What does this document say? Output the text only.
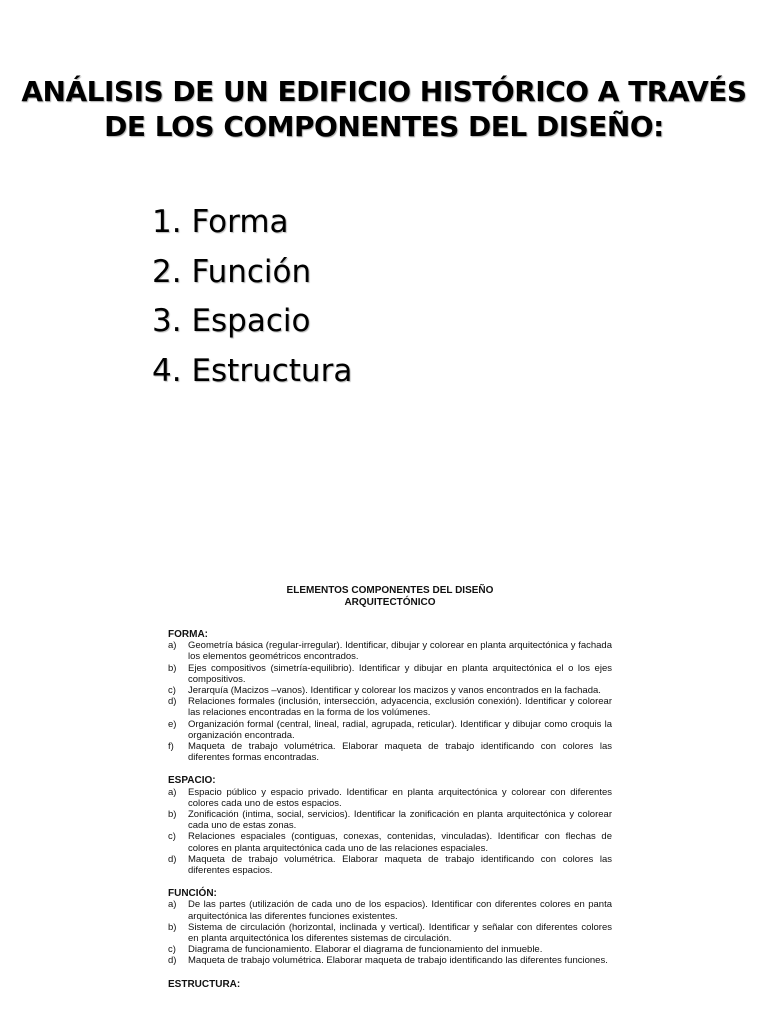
ANÁLISIS DE UN EDIFICIO HISTÓRICO A TRAVÉS
DE LOS COMPONENTES DEL DISEÑO:
1. Forma
2. Función
3. Espacio
4. Estructura
ELEMENTOS COMPONENTES DEL DISEÑO
ARQUITECTÓNICO
FORMA:
a)	Geometría básica (regular-irregular). Identificar, dibujar y colorear en planta arquitectónica y fachada los elementos geométricos encontrados.
b)	Ejes compositivos (simetría-equilibrio). Identificar y dibujar en planta arquitectónica el o los ejes compositivos.
c)	Jerarquía (Macizos –vanos). Identificar y colorear los macizos y vanos encontrados en la fachada.
d)	Relaciones formales (inclusión, intersección, adyacencia, exclusión conexión). Identificar y colorear las relaciones encontradas en la forma de los volúmenes.
e)	Organización formal (central, lineal, radial, agrupada, reticular). Identificar y dibujar como croquis la organización encontrada.
f)	Maqueta de trabajo volumétrica. Elaborar maqueta de trabajo identificando con colores las diferentes formas encontradas.
ESPACIO:
a)	Espacio público y espacio privado. Identificar en planta arquitectónica y colorear con diferentes colores cada uno de estos espacios.
b)	Zonificación (intima, social, servicios). Identificar la zonificación en planta arquitectónica y colorear cada uno de estas zonas.
c)	Relaciones espaciales (contiguas, conexas, contenidas, vinculadas). Identificar con flechas de colores en planta arquitectónica cada uno de las relaciones espaciales.
d)	Maqueta de trabajo volumétrica. Elaborar maqueta de trabajo identificando con colores las diferentes espacios.
FUNCIÓN:
a)	De las partes (utilización de cada uno de los espacios). Identificar con diferentes colores en panta arquitectónica las diferentes funciones existentes.
b)	Sistema de circulación (horizontal, inclinada y vertical). Identificar y señalar con diferentes colores en planta arquitectónica los diferentes sistemas de circulación.
c)	Diagrama de funcionamiento. Elaborar el diagrama de funcionamiento del inmueble.
d)	Maqueta de trabajo volumétrica. Elaborar maqueta de trabajo identificando las diferentes funciones.
ESTRUCTURA:
